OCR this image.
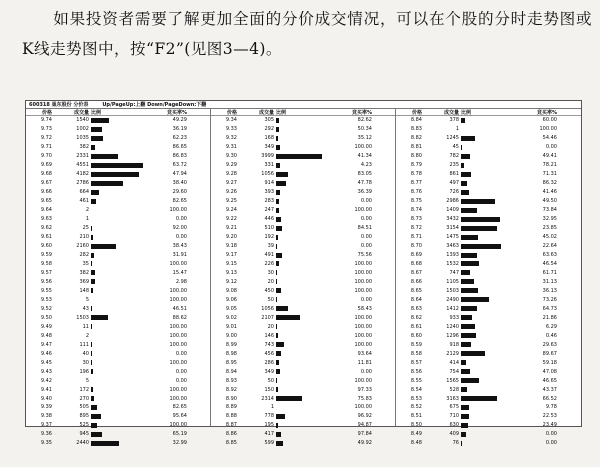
如果投资者需要了解更加全面的分价成交情况，可以在个股的分时走势图或K线走势图中，按“F2”(见图3—4)。

600318 巢东股份 分价表	Up/PageUp:上翻 Down/PageDown:下翻
价格	成交量 比例	竞买率%
9.74	1540	49.29
9.73	1002	36.19
9.72	1035	62.23
9.71	382	86.65
9.70	2331	86.83
9.69	4551	63.72
9.68	4182	47.94
9.67	2786	38.40
9.66	664	29.60
9.65	461	82.65
9.64	2	100.00
9.63	1	0.00
9.62	25	92.00
9.61	210	0.00
9.60	2160	38.43
9.59	282	31.91
9.58	35	100.00
9.57	382	15.47
9.56	369	2.98
9.55	148	100.00
9.53	5	100.00
9.52	43	46.51
9.50	1503	88.62
9.49	11	100.00
9.48	2	100.00
9.47	111	100.00
9.46	40	0.00
9.45	30	100.00
9.43	196	0.00
9.42	5	0.00
9.41	172	100.00
9.40	270	100.00
9.39	505	82.65
9.38	895	95.64
9.37	525	100.00
9.36	945	65.19
9.35	2440	32.99
价格	成交量 比例	竞买率%
9.34	305	82.62
9.33	292	50.34
9.32	168	35.12
9.31	349	100.00
9.30	3999	41.34
9.29	331	4.23
9.28	1056	83.05
9.27	914	47.78
9.26	393	36.39
9.25	283	0.00
9.24	247	100.00
9.22	446	0.00
9.21	510	84.51
9.20	192	0.00
9.18	39	0.00
9.17	491	75.56
9.15	226	100.00
9.13	30	100.00
9.12	20	100.00
9.08	450	100.00
9.06	50	0.00
9.05	1056	58.43
9.02	2107	100.00
9.01	20	100.00
9.00	146	100.00
8.99	743	100.00
8.98	456	93.64
8.95	286	11.81
8.94	349	0.00
8.93	50	100.00
8.92	150	97.33
8.90	2314	75.83
8.89	1	100.00
8.88	778	96.92
8.87	195	94.87
8.86	417	97.84
8.85	599	49.92
价格	成交量 比例	竞买率%
8.84	378	60.00
8.83	1	100.00
8.82	1245	54.46
8.81	45	0.00
8.80	782	49.41
8.79	235	78.21
8.78	861	71.31
8.77	497	86.32
8.76	726	41.46
8.75	2986	49.50
8.74	1409	73.84
8.73	3432	32.95
8.72	3154	23.85
8.71	1475	45.02
8.70	3463	22.64
8.69	1393	63.63
8.68	1532	46.54
8.67	747	61.71
8.66	1105	31.13
8.65	1503	36.13
8.64	2490	73.26
8.63	1412	64.73
8.62	933	21.86
8.61	1240	6.29
8.60	1296	0.46
8.59	918	29.63
8.58	2129	89.67
8.57	414	59.18
8.56	754	47.08
8.55	1565	46.65
8.54	528	43.37
8.53	3163	66.52
8.52	675	9.78
8.51	710	22.53
8.50	630	23.49
8.49	409	0.00
8.48	76	0.00
